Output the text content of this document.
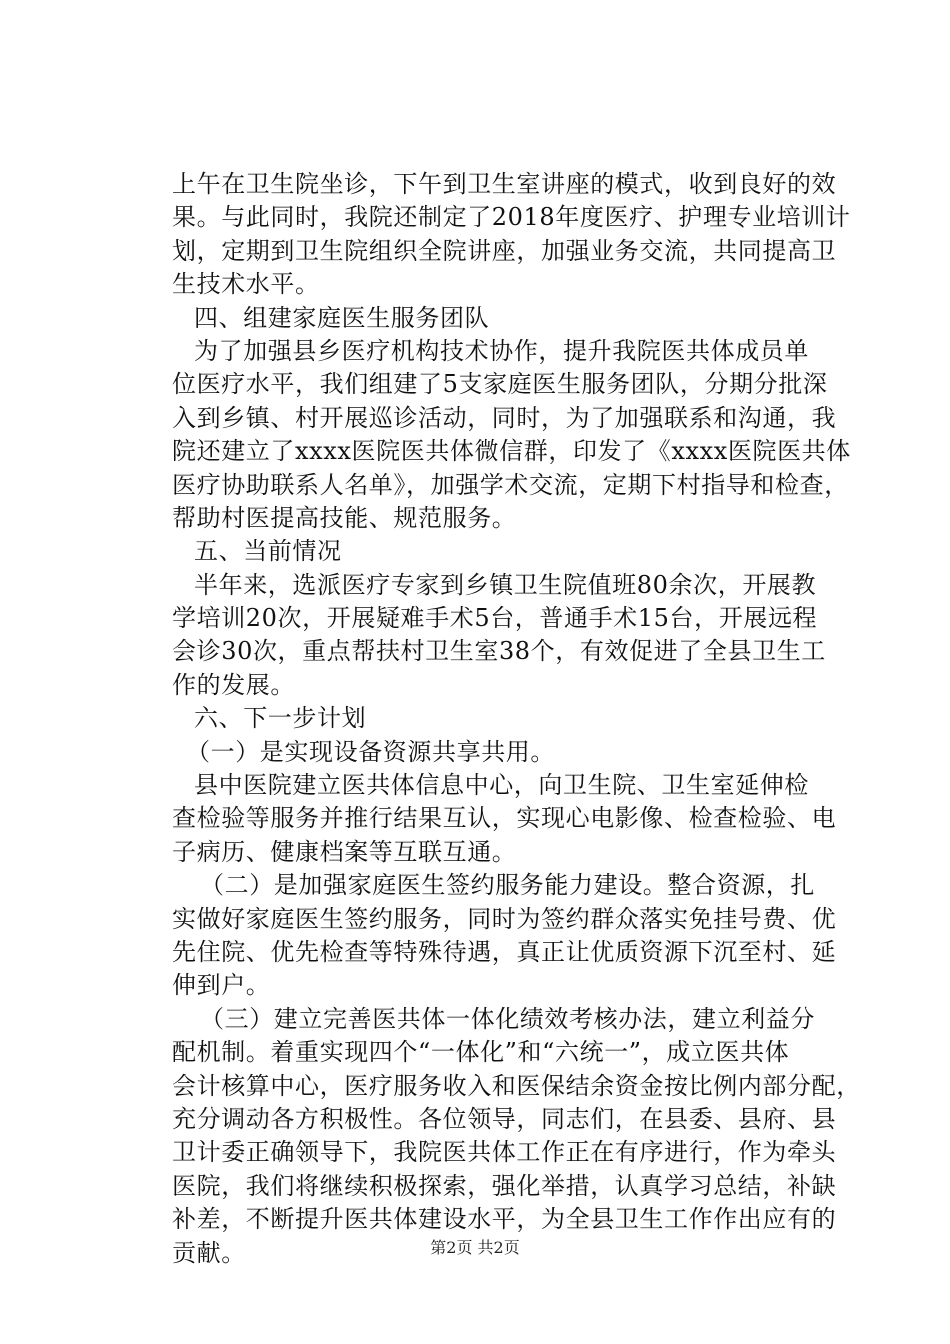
上午在卫生院坐诊，下午到卫生室讲座的模式，收到良好的效
果。与此同时，我院还制定了2018年度医疗、护理专业培训计
划，定期到卫生院组织全院讲座，加强业务交流，共同提高卫
生技术水平。
四、组建家庭医生服务团队
为了加强县乡医疗机构技术协作，提升我院医共体成员单
位医疗水平，我们组建了5支家庭医生服务团队，分期分批深
入到乡镇、村开展巡诊活动，同时，为了加强联系和沟通，我
院还建立了xxxx医院医共体微信群，印发了《xxxx医院医共体
医疗协助联系人名单》，加强学术交流，定期下村指导和检查，
帮助村医提高技能、规范服务。
五、当前情况
半年来，选派医疗专家到乡镇卫生院值班80余次，开展教
学培训20次，开展疑难手术5台，普通手术15台，开展远程
会诊30次，重点帮扶村卫生室38个，有效促进了全县卫生工
作的发展。
六、下一步计划
（一）是实现设备资源共享共用。
县中医院建立医共体信息中心，向卫生院、卫生室延伸检
查检验等服务并推行结果互认，实现心电影像、检查检验、电
子病历、健康档案等互联互通。
（二）是加强家庭医生签约服务能力建设。整合资源，扎
实做好家庭医生签约服务，同时为签约群众落实免挂号费、优
先住院、优先检查等特殊待遇，真正让优质资源下沉至村、延
伸到户。
（三）建立完善医共体一体化绩效考核办法，建立利益分
配机制。着重实现四个“一体化”和“六统一”，成立医共体
会计核算中心，医疗服务收入和医保结余资金按比例内部分配，
充分调动各方积极性。各位领导，同志们，在县委、县府、县
卫计委正确领导下，我院医共体工作正在有序进行，作为牵头
医院，我们将继续积极探索，强化举措，认真学习总结，补缺
补差，不断提升医共体建设水平，为全县卫生工作作出应有的
贡献。	第2页 共2页
